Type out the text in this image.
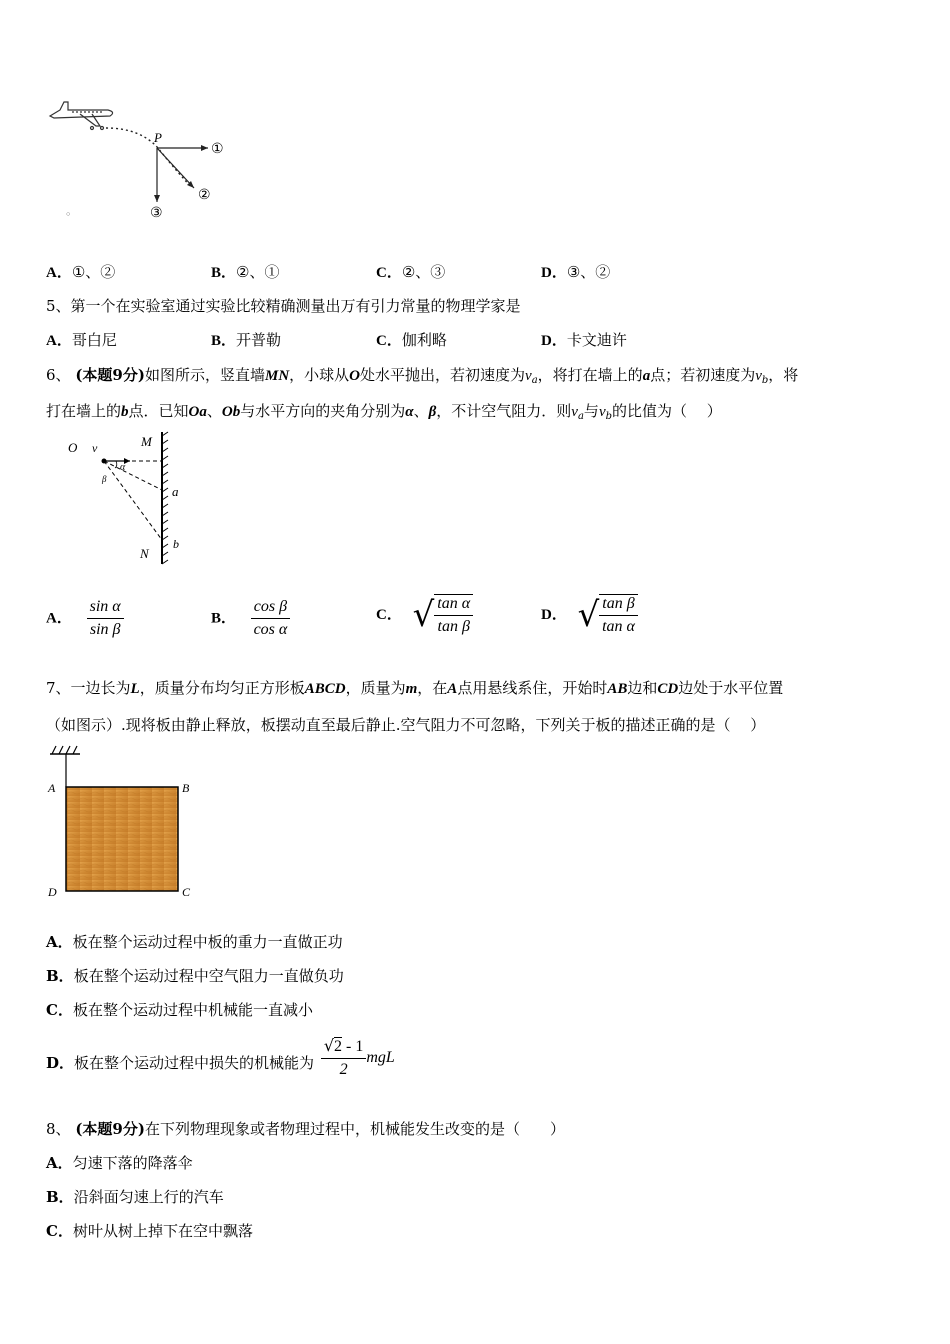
P
①
②
③
○
A．①、②	B．②、①	C．②、③	D．③、②
5、第一个在实验室通过实验比较精确测量出万有引力常量的物理学家是
A．哥白尼	B．开普勒	C．伽利略	D．卡文迪许
6、 (本题9分)如图所示，竖直墙MN，小球从O处水平抛出，若初速度为$v_a$，将打在墙上的a点；若初速度为$v_b$，将
打在墙上的b点．已知Oa、Ob与水平方向的夹角分别为α、β，不计空气阻力．则$v_a$与$v_b$的比值为（　 ）
O v
α
β
M
a
N
b
A． $\frac{\text{sin α}}{\text{sin β}}$	B． $\frac{\text{cos β}}{\text{cos α}}$	C． √ $\frac{\text{tan α}}{\text{tan β}}$	D． √ $\frac{\text{tan β}}{\text{tan α}}$
7、一边长为L，质量分布均匀正方形板ABCD，质量为m，在A点用悬线系住，开始时AB边和CD边处于水平位置
（如图示）.现将板由静止释放，板摆动直至最后静止.空气阻力不可忽略，下列关于板的描述正确的是（　 ）
A	B
D	C
A．板在整个运动过程中板的重力一直做正功
B．板在整个运动过程中空气阻力一直做负功
C．板在整个运动过程中机械能一直减小
D．板在整个运动过程中损失的机械能为 $\frac{√2 - 1}{2}$ mgL
8、 (本题9分)在下列物理现象或者物理过程中，机械能发生改变的是（　　）
A．匀速下落的降落伞
B．沿斜面匀速上行的汽车
C．树叶从树上掉下在空中飘落
